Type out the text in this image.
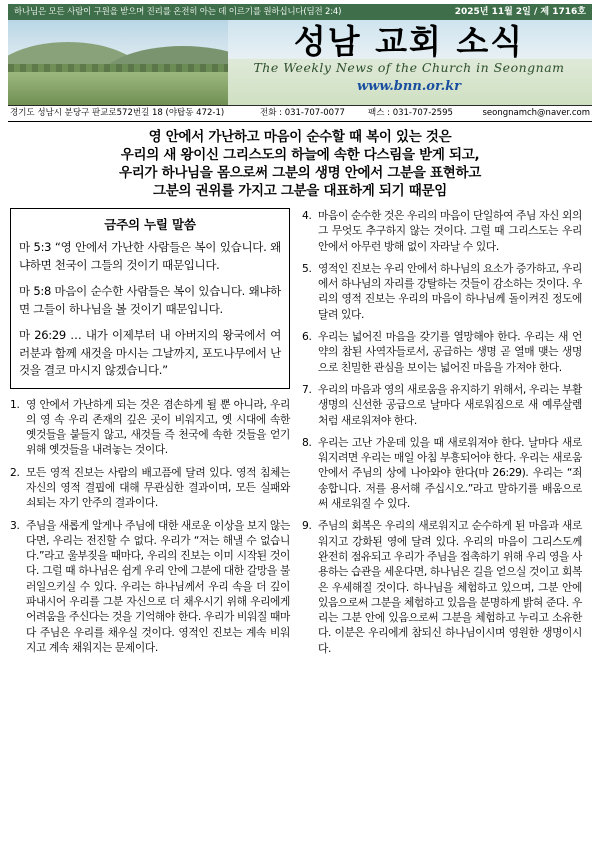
하나님은 모든 사람이 구원을 받으며 진리를 온전히 아는 데 이르기를 원하십니다(딤전 2:4)	2025년 11월 2일 / 제 1716호
성남 교회 소식
The Weekly News of the Church in Seongnam
www.bnn.or.kr
경기도 성남시 분당구 판교로572번길 18 (야탑동 472-1)	전화 : 031-707-0077	팩스 : 031-707-2595	seongnamch@naver.com
영 안에서 가난하고 마음이 순수할 때 복이 있는 것은
우리의 새 왕이신 그리스도의 하늘에 속한 다스림을 받게 되고,
우리가 하나님을 몸으로써 그분의 생명 안에서 그분을 표현하고
그분의 권위를 가지고 그분을 대표하게 되기 때문임
금주의 누릴 말씀

마 5:3 “영 안에서 가난한 사람들은 복이 있습니다. 왜냐하면 천국이 그들의 것이기 때문입니다.

마 5:8 마음이 순수한 사람들은 복이 있습니다. 왜냐하면 그들이 하나님을 볼 것이기 때문입니다.

마 26:29 … 내가 이제부터 내 아버지의 왕국에서 여러분과 함께 새것을 마시는 그날까지, 포도나무에서 난 것을 결코 마시지 않겠습니다.”

영 안에서 가난하게 되는 것은 겸손하게 될 뿐 아니라, 우리의 영 속 우리 존재의 깊은 곳이 비워지고, 옛 시대에 속한 옛것들을 붙들지 않고, 새것들 즉 천국에 속한 것들을 얻기 위해 옛것들을 내려놓는 것이다.
모든 영적 진보는 사람의 배고픔에 달려 있다. 영적 침체는 자신의 영적 결핍에 대해 무관심한 결과이며, 모든 실패와 쇠퇴는 자기 안주의 결과이다.
주님을 새롭게 알게나 주님에 대한 새로운 이상을 보지 않는다면, 우리는 전진할 수 없다. 우리가 “저는 해낼 수 없습니다.”라고 울부짖을 때마다, 우리의 진보는 이미 시작된 것이다. 그럴 때 하나님은 쉽게 우리 안에 그분에 대한 갈망을 불러일으키실 수 있다. 우리는 하나님께서 우리 속을 더 깊이 파내시어 우리를 그분 자신으로 더 채우시기 위해 우리에게 어려움을 주신다는 것을 기억해야 한다. 우리가 비워질 때마다 주님은 우리를 채우실 것이다. 영적인 진보는 계속 비워지고 계속 채워지는 문제이다.
마음이 순수한 것은 우리의 마음이 단일하여 주님 자신 외의 그 무엇도 추구하지 않는 것이다. 그럴 때 그리스도는 우리 안에서 아무런 방해 없이 자라날 수 있다.
영적인 진보는 우리 안에서 하나님의 요소가 증가하고, 우리에서 하나님의 자리를 강탈하는 것들이 감소하는 것이다. 우리의 영적 진보는 우리의 마음이 하나님께 돌이켜진 정도에 달려 있다.
우리는 넓어진 마음을 갖기를 열망해야 한다. 우리는 새 언약의 참된 사역자들로서, 공급하는 생명 곧 열매 맺는 생명으로 친밀한 관심을 보이는 넓어진 마음을 가져야 한다.
우리의 마음과 영의 새로움을 유지하기 위해서, 우리는 부활 생명의 신선한 공급으로 날마다 새로워짐으로 새 예루살렘처럼 새로워져야 한다.
우리는 고난 가운데 있을 때 새로워져야 한다. 날마다 새로워지려면 우리는 매일 아침 부흥되어야 한다. 우리는 새로움 안에서 주님의 상에 나아와야 한다(마 26:29). 우리는 “죄송합니다. 저를 용서해 주십시오.”라고 말하기를 배움으로써 새로워질 수 있다.
주님의 회복은 우리의 새로워지고 순수하게 된 마음과 새로워지고 강화된 영에 달려 있다. 우리의 마음이 그리스도께 완전히 점유되고 우리가 주님을 접촉하기 위해 우리 영을 사용하는 습관을 세운다면, 하나님은 길을 얻으실 것이고 회복은 우세해질 것이다. 하나님을 체험하고 있으며, 그분 안에 있음으로써 그분을 체험하고 있음을 분명하게 밝혀 준다. 우리는 그분 안에 있음으로써 그분을 체험하고 누리고 소유한다. 이분은 우리에게 참되신 하나님이시며 영원한 생명이시다.
